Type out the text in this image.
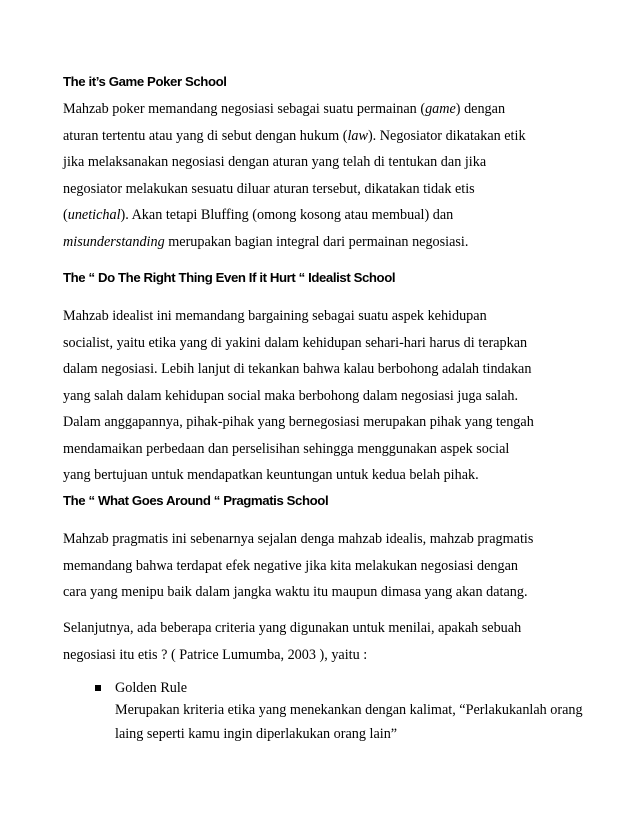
The it’s Game Poker School
Mahzab poker memandang negosiasi sebagai suatu permainan (game) dengan
aturan tertentu atau yang di sebut dengan hukum (law). Negosiator dikatakan etik
jika melaksanakan negosiasi dengan aturan yang telah di tentukan dan jika
negosiator melakukan sesuatu diluar aturan tersebut, dikatakan tidak etis
(unetichal). Akan tetapi Bluffing (omong kosong atau membual) dan
misunderstanding merupakan bagian integral dari permainan negosiasi.
The “ Do The Right Thing Even If it Hurt “ Idealist School
Mahzab idealist ini memandang bargaining sebagai suatu aspek kehidupan
socialist, yaitu etika yang di yakini dalam kehidupan sehari-hari harus di terapkan
dalam negosiasi. Lebih lanjut di tekankan bahwa kalau berbohong adalah tindakan
yang salah dalam kehidupan social maka berbohong dalam negosiasi juga salah.
Dalam anggapannya, pihak-pihak yang bernegosiasi merupakan pihak yang tengah
mendamaikan perbedaan dan perselisihan sehingga menggunakan aspek social
yang bertujuan untuk mendapatkan keuntungan untuk kedua belah pihak.
The “ What Goes Around “ Pragmatis School
Mahzab pragmatis ini sebenarnya sejalan denga mahzab idealis, mahzab pragmatis
memandang bahwa terdapat efek negative jika kita melakukan negosiasi dengan
cara yang menipu baik dalam jangka waktu itu maupun dimasa yang akan datang.
Selanjutnya, ada beberapa criteria yang digunakan untuk menilai, apakah sebuah
negosiasi itu etis ? ( Patrice Lumumba, 2003 ), yaitu :
Golden Rule
Merupakan kriteria etika yang menekankan dengan kalimat, “Perlakukanlah orang laing seperti kamu ingin diperlakukan orang lain”
